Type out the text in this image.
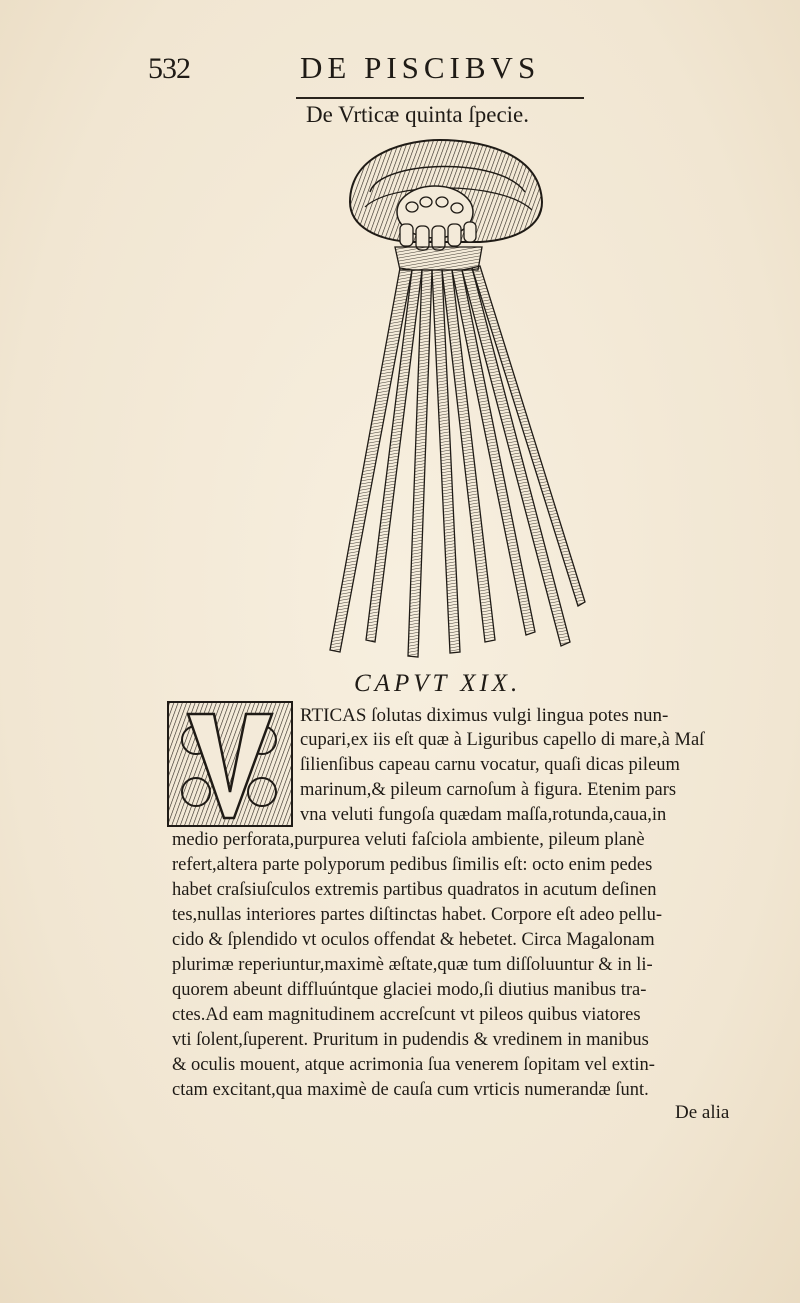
532	DE PISCIBVS
De Vrticæ quinta ſpecie.
CAPVT XIX.
RTICAS ſolutas diximus vulgi lingua potes nun-
cupari,ex iis eſt quæ à Liguribus capello di mare,à Maſ
ſilienſibus capeau carnu vocatur, quaſi dicas pileum
marinum,& pileum carnoſum à figura. Etenim pars
vna veluti fungoſa quædam maſſa,rotunda,caua,in
medio perforata,purpurea veluti faſciola ambiente, pileum planè
refert,altera parte polyporum pedibus ſimilis eſt: octo enim pedes
habet craſsiuſculos extremis partibus quadratos in acutum deſinen
tes,nullas interiores partes diſtinctas habet. Corpore eſt adeo pellu-
cido & ſplendido vt oculos offendat & hebetet. Circa Magalonam
plurimæ reperiuntur,maximè æſtate,quæ tum diſſoluuntur & in li-
quorem abeunt diffluúntque glaciei modo,ſi diutius manibus tra-
ctes.Ad eam magnitudinem accreſcunt vt pileos quibus viatores
vti ſolent,ſuperent. Pruritum in pudendis & vredinem in manibus
& oculis mouent, atque acrimonia ſua venerem ſopitam vel extin-
ctam excitant,qua maximè de cauſa cum vrticis numerandæ ſunt.
De alia
